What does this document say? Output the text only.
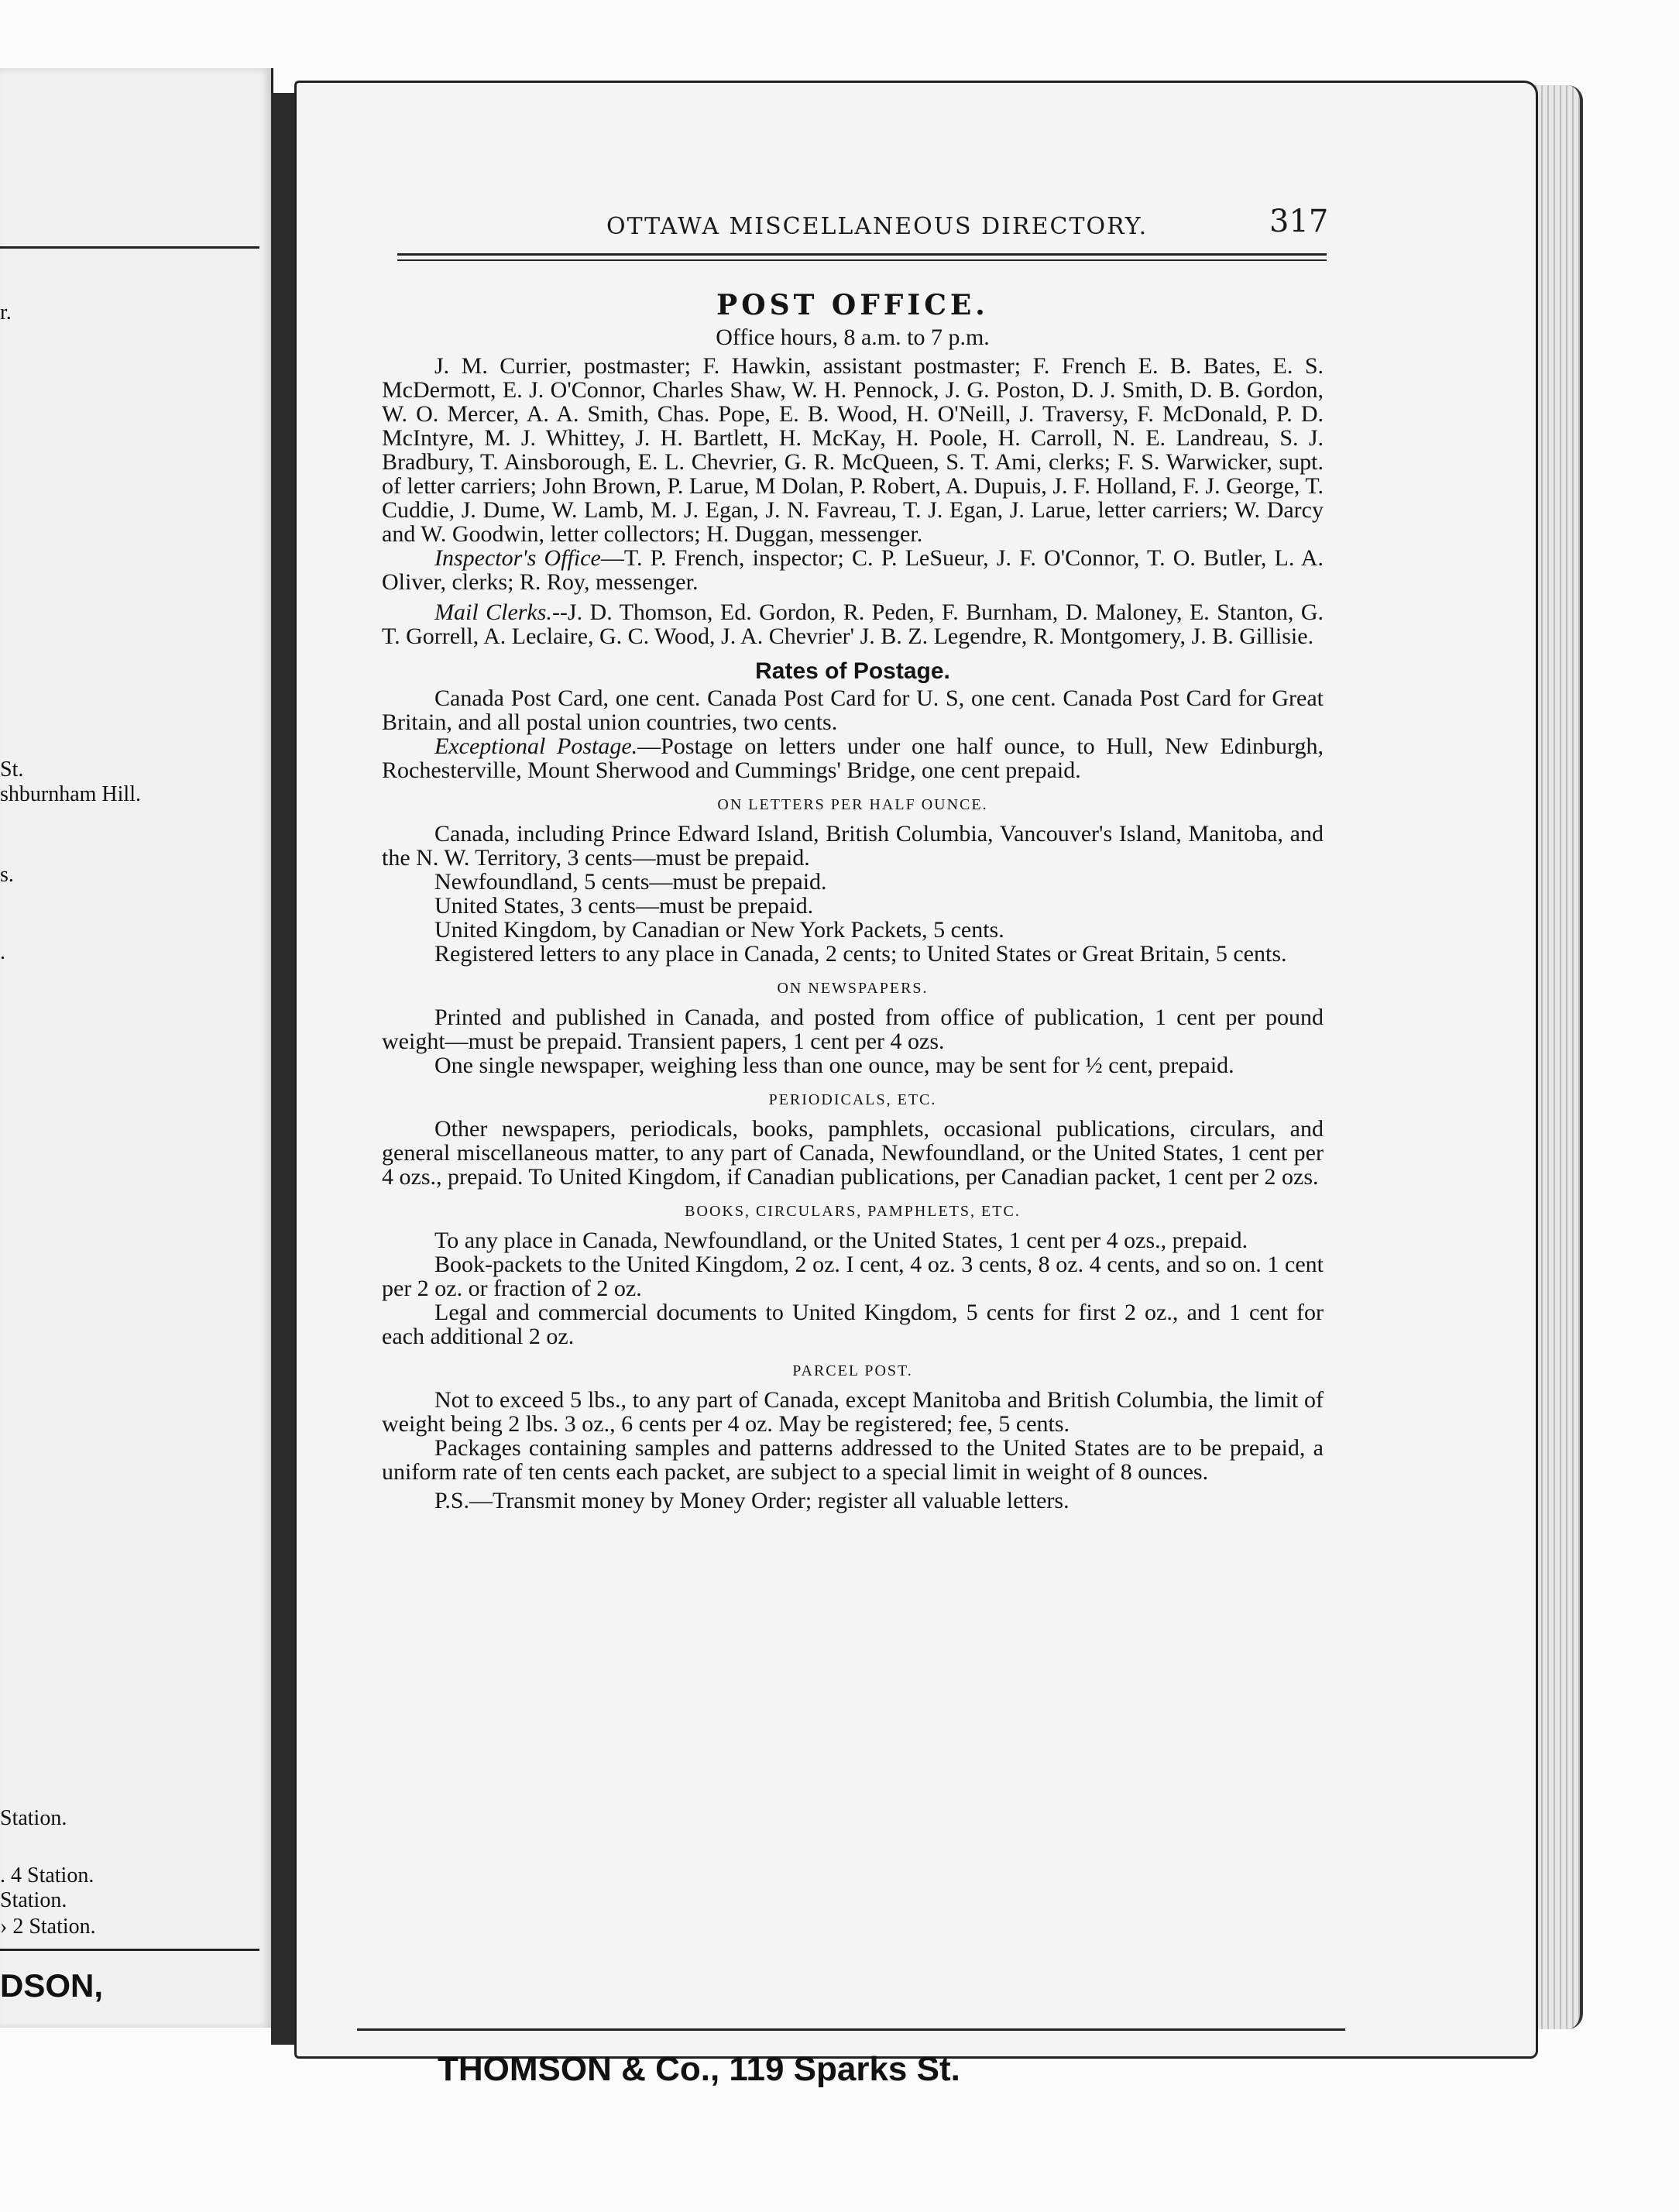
r.
St.
shburnham Hill.
s.
.
Station.
. 4 Station.
Station.
› 2 Station.
DSON,
OTTAWA MISCELLANEOUS DIRECTORY.	317

POST OFFICE.

Office hours, 8 a.m. to 7 p.m.

J. M. Currier, postmaster; F. Hawkin, assistant postmaster; F. French E. B. Bates, E. S. McDermott, E. J. O'Connor, Charles Shaw, W. H. Pennock, J. G. Poston, D. J. Smith, D. B. Gordon, W. O. Mercer, A. A. Smith, Chas. Pope, E. B. Wood, H. O'Neill, J. Traversy, F. McDonald, P. D. McIntyre, M. J. Whittey, J. H. Bartlett, H. McKay, H. Poole, H. Carroll, N. E. Landreau, S. J. Bradbury, T. Ainsborough, E. L. Chevrier, G. R. McQueen, S. T. Ami, clerks; F. S. Warwicker, supt. of letter carriers; John Brown, P. Larue, M Dolan, P. Robert, A. Dupuis, J. F. Holland, F. J. George, T. Cuddie, J. Dume, W. Lamb, M. J. Egan, J. N. Favreau, T. J. Egan, J. Larue, letter carriers; W. Darcy and W. Goodwin, letter collectors; H. Duggan, messenger.

Inspector's Office—T. P. French, inspector; C. P. LeSueur, J. F. O'Connor, T. O. Butler, L. A. Oliver, clerks; R. Roy, messenger.

Mail Clerks.--J. D. Thomson, Ed. Gordon, R. Peden, F. Burnham, D. Maloney, E. Stanton, G. T. Gorrell, A. Leclaire, G. C. Wood, J. A. Chevrier' J. B. Z. Legendre, R. Montgomery, J. B. Gillisie.

Rates of Postage.

Canada Post Card, one cent. Canada Post Card for U. S, one cent. Canada Post Card for Great Britain, and all postal union countries, two cents.

Exceptional Postage.—Postage on letters under one half ounce, to Hull, New Edinburgh, Rochesterville, Mount Sherwood and Cummings' Bridge, one cent prepaid.

ON LETTERS PER HALF OUNCE.

Canada, including Prince Edward Island, British Columbia, Vancouver's Island, Manitoba, and the N. W. Territory, 3 cents—must be prepaid.

Newfoundland, 5 cents—must be prepaid.

United States, 3 cents—must be prepaid.

United Kingdom, by Canadian or New York Packets, 5 cents.

Registered letters to any place in Canada, 2 cents; to United States or Great Britain, 5 cents.

ON NEWSPAPERS.

Printed and published in Canada, and posted from office of publication, 1 cent per pound weight—must be prepaid. Transient papers, 1 cent per 4 ozs.

One single newspaper, weighing less than one ounce, may be sent for ½ cent, prepaid.

PERIODICALS, ETC.

Other newspapers, periodicals, books, pamphlets, occasional publications, circulars, and general miscellaneous matter, to any part of Canada, Newfoundland, or the United States, 1 cent per 4 ozs., prepaid. To United Kingdom, if Canadian publications, per Canadian packet, 1 cent per 2 ozs.

BOOKS, CIRCULARS, PAMPHLETS, ETC.

To any place in Canada, Newfoundland, or the United States, 1 cent per 4 ozs., prepaid.

Book-packets to the United Kingdom, 2 oz. I cent, 4 oz. 3 cents, 8 oz. 4 cents, and so on. 1 cent per 2 oz. or fraction of 2 oz.

Legal and commercial documents to United Kingdom, 5 cents for first 2 oz., and 1 cent for each additional 2 oz.

PARCEL POST.

Not to exceed 5 lbs., to any part of Canada, except Manitoba and British Columbia, the limit of weight being 2 lbs. 3 oz., 6 cents per 4 oz. May be registered; fee, 5 cents.

Packages containing samples and patterns addressed to the United States are to be prepaid, a uniform rate of ten cents each packet, are subject to a special limit in weight of 8 ounces.

P.S.—Transmit money by Money Order; register all valuable letters.

THOMSON & Co., 119 Sparks St.
